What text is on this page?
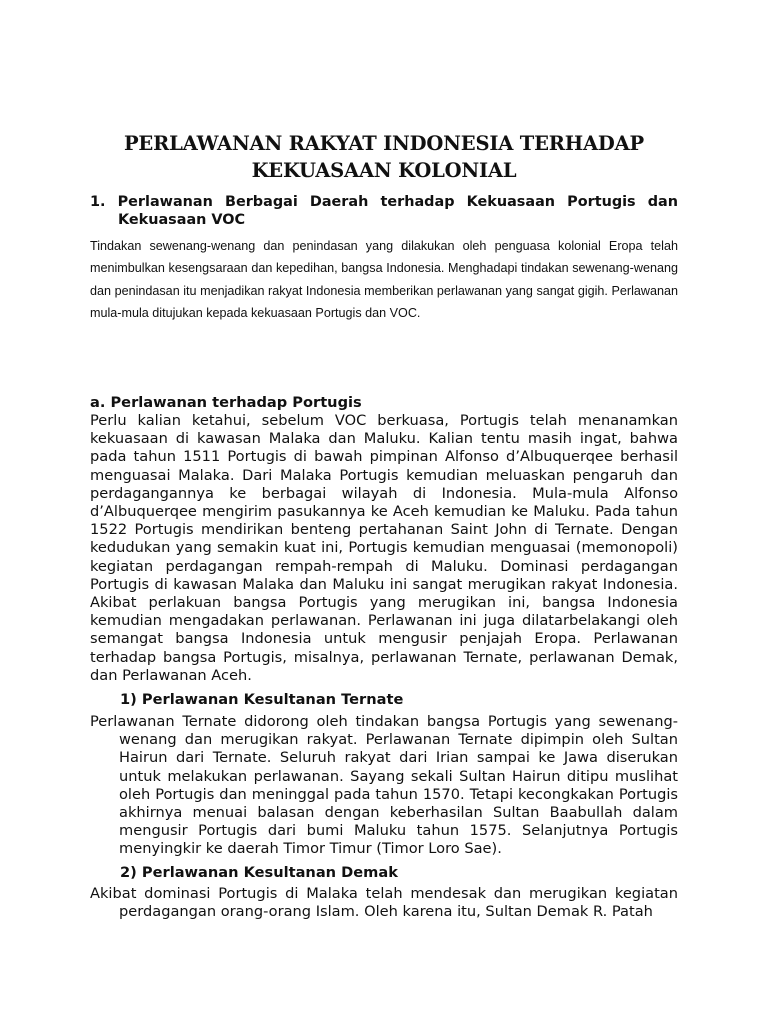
PERLAWANAN RAKYAT INDONESIA TERHADAP KEKUASAAN KOLONIAL
1. Perlawanan Berbagai Daerah terhadap Kekuasaan Portugis dan Kekuasaan VOC

Tindakan sewenang-wenang dan penindasan yang dilakukan oleh penguasa kolonial Eropa telah menimbulkan kesengsaraan dan kepedihan, bangsa Indonesia. Menghadapi tindakan sewenang-wenang dan penindasan itu menjadikan rakyat Indonesia memberikan perlawanan yang sangat gigih. Perlawanan mula-mula ditujukan kepada kekuasaan Portugis dan VOC.

a. Perlawanan terhadap Portugis

Perlu kalian ketahui, sebelum VOC berkuasa, Portugis telah menanamkan kekuasaan di kawasan Malaka dan Maluku. Kalian tentu masih ingat, bahwa pada tahun 1511 Portugis di bawah pimpinan Alfonso d’Albuquerqee berhasil menguasai Malaka. Dari Malaka Portugis kemudian meluaskan pengaruh dan perdagangannya ke berbagai wilayah di Indonesia. Mula-mula Alfonso d’Albuquerqee mengirim pasukannya ke Aceh kemudian ke Maluku. Pada tahun 1522 Portugis mendirikan benteng pertahanan Saint John di Ternate. Dengan kedudukan yang semakin kuat ini, Portugis kemudian menguasai (memonopoli) kegiatan perdagangan rempah-rempah di Maluku. Dominasi perdagangan Portugis di kawasan Malaka dan Maluku ini sangat merugikan rakyat Indonesia. Akibat perlakuan bangsa Portugis yang merugikan ini, bangsa Indonesia kemudian mengadakan perlawanan. Perlawanan ini juga dilatarbelakangi oleh semangat bangsa Indonesia untuk mengusir penjajah Eropa. Perlawanan terhadap bangsa Portugis, misalnya, perlawanan Ternate, perlawanan Demak, dan Perlawanan Aceh.

1) Perlawanan Kesultanan Ternate

Perlawanan Ternate didorong oleh tindakan bangsa Portugis yang sewenang-wenang dan merugikan rakyat. Perlawanan Ternate dipimpin oleh Sultan Hairun dari Ternate. Seluruh rakyat dari Irian sampai ke Jawa diserukan untuk melakukan perlawanan. Sayang sekali Sultan Hairun ditipu muslihat oleh Portugis dan meninggal pada tahun 1570. Tetapi kecongkakan Portugis akhirnya menuai balasan dengan keberhasilan Sultan Baabullah dalam mengusir Portugis dari bumi Maluku tahun 1575. Selanjutnya Portugis menyingkir ke daerah Timor Timur (Timor Loro Sae).

2) Perlawanan Kesultanan Demak

Akibat dominasi Portugis di Malaka telah mendesak dan merugikan kegiatan perdagangan orang-orang Islam. Oleh karena itu, Sultan Demak R. Patah
